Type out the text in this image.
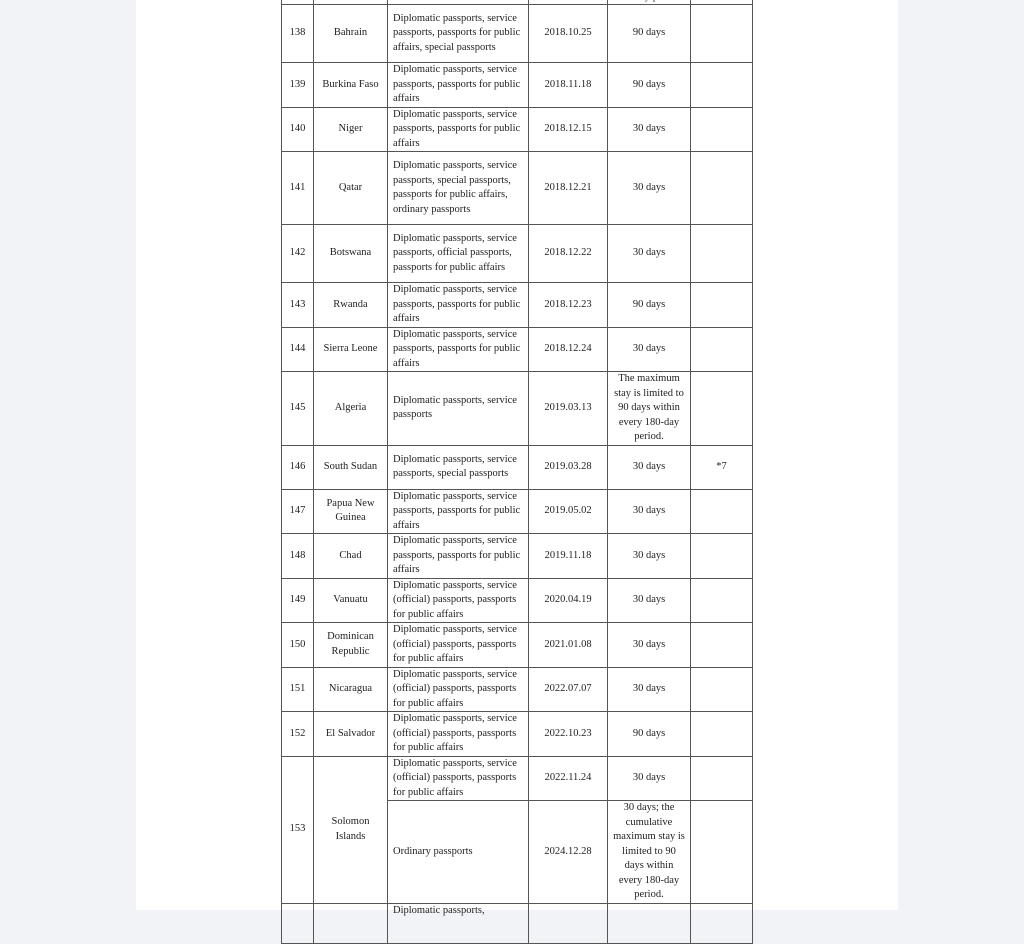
138	Bahrain	Diplomatic passports, service passports, passports for public affairs, special passports	2018.10.25	90 days	
139	Burkina Faso	Diplomatic passports, service passports, passports for public affairs	2018.11.18	90 days	
140	Niger	Diplomatic passports, service passports, passports for public affairs	2018.12.15	30 days	
141	Qatar	Diplomatic passports, service passports, special passports, passports for public affairs, ordinary passports	2018.12.21	30 days	
142	Botswana	Diplomatic passports, service passports, official passports, passports for public affairs	2018.12.22	30 days	
143	Rwanda	Diplomatic passports, service passports, passports for public affairs	2018.12.23	90 days	
144	Sierra Leone	Diplomatic passports, service passports, passports for public affairs	2018.12.24	30 days	
145	Algeria	Diplomatic passports, service passports	2019.03.13	The maximum stay is limited to 90 days within every 180-day period.	
146	South Sudan	Diplomatic passports, service passports, special passports	2019.03.28	30 days	*7
147	Papua New Guinea	Diplomatic passports, service passports, passports for public affairs	2019.05.02	30 days	
148	Chad	Diplomatic passports, service passports, passports for public affairs	2019.11.18	30 days	
149	Vanuatu	Diplomatic passports, service (official) passports, passports for public affairs	2020.04.19	30 days	
150	Dominican Republic	Diplomatic passports, service (official) passports, passports for public affairs	2021.01.08	30 days	
151	Nicaragua	Diplomatic passports, service (official) passports, passports for public affairs	2022.07.07	30 days	
152	El Salvador	Diplomatic passports, service (official) passports, passports for public affairs	2022.10.23	90 days	
153	Solomon Islands	Diplomatic passports, service (official) passports, passports for public affairs	2022.11.24	30 days	
		Ordinary passports	2024.12.28	30 days; the cumulative maximum stay is limited to 90 days within every 180-day period.	
		Diplomatic passports,			
